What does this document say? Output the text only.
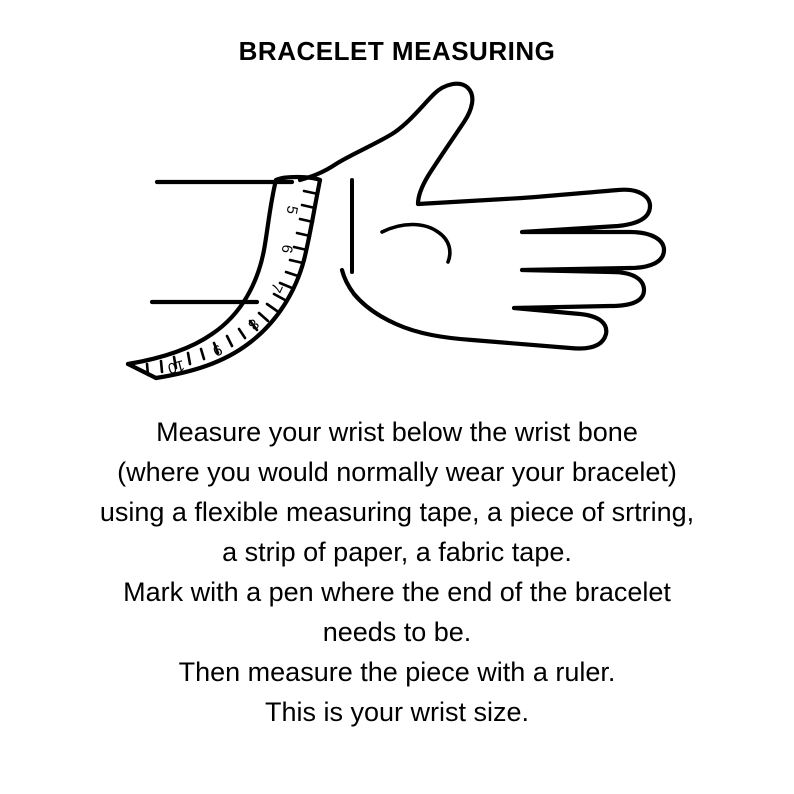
BRACELET MEASURING
5
6
7
8
9
10
Measure your wrist below the wrist bone
(where you would normally wear your bracelet)
using a flexible measuring tape, a piece of srtring,
a strip of paper, a fabric tape.
Mark with a pen where the end of the bracelet
needs to be.
Then measure the piece with a ruler.
This is your wrist size.
